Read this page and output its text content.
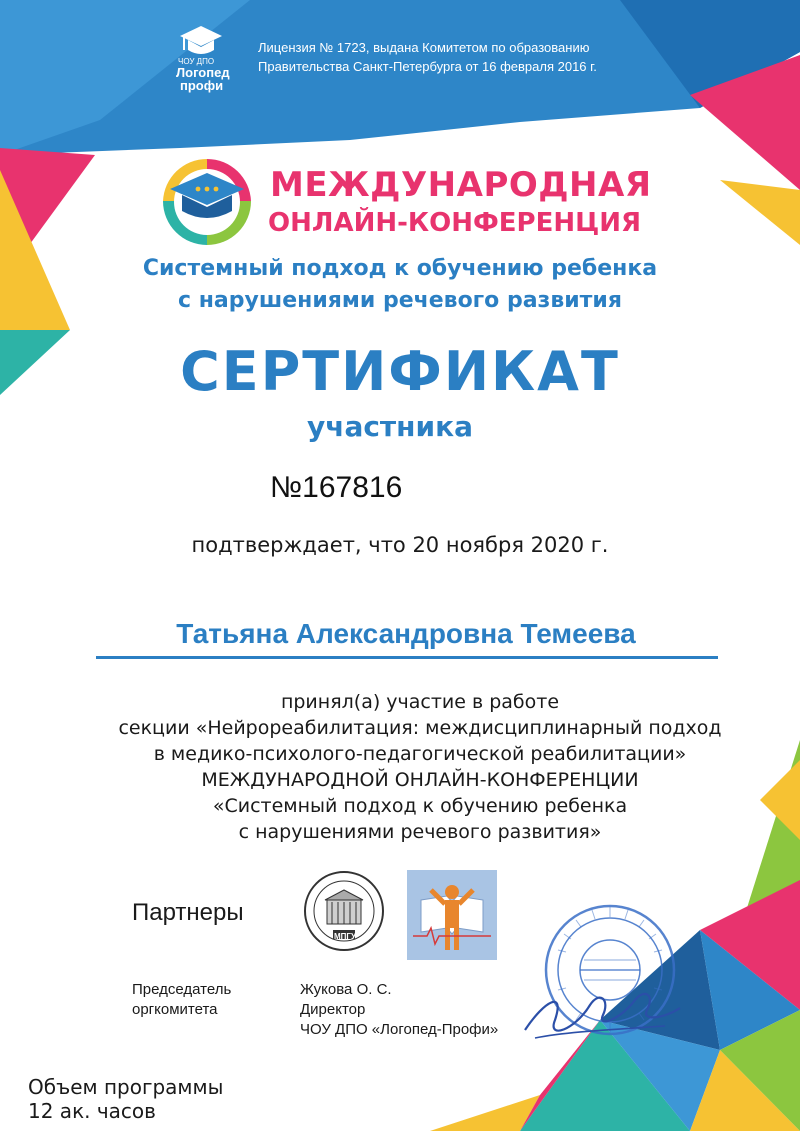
ЧОУ ДПО
Логопед
профи
Лицензия № 1723, выдана Комитетом по образованию
Правительства Санкт-Петербурга от 16 февраля 2016 г.
МЕЖДУНАРОДНАЯ
ОНЛАЙН-КОНФЕРЕНЦИЯ
Системный подход к обучению ребенка
с нарушениями речевого развития
СЕРТИФИКАТ
участника
№167816
подтверждает, что 20 ноября 2020 г.
Татьяна Александровна Темеева
принял(а) участие в работе
секции «Нейрореабилитация: междисциплинарный подход
в медико-психолого-педагогической реабилитации»
МЕЖДУНАРОДНОЙ ОНЛАЙН-КОНФЕРЕНЦИИ
«Системный подход к обучению ребенка
с нарушениями речевого развития»
Партнеры
МПГУ
Председатель
оргкомитета
Жукова О. С.
Директор
ЧОУ ДПО «Логопед-Профи»
Объем программы
12 ак. часов
